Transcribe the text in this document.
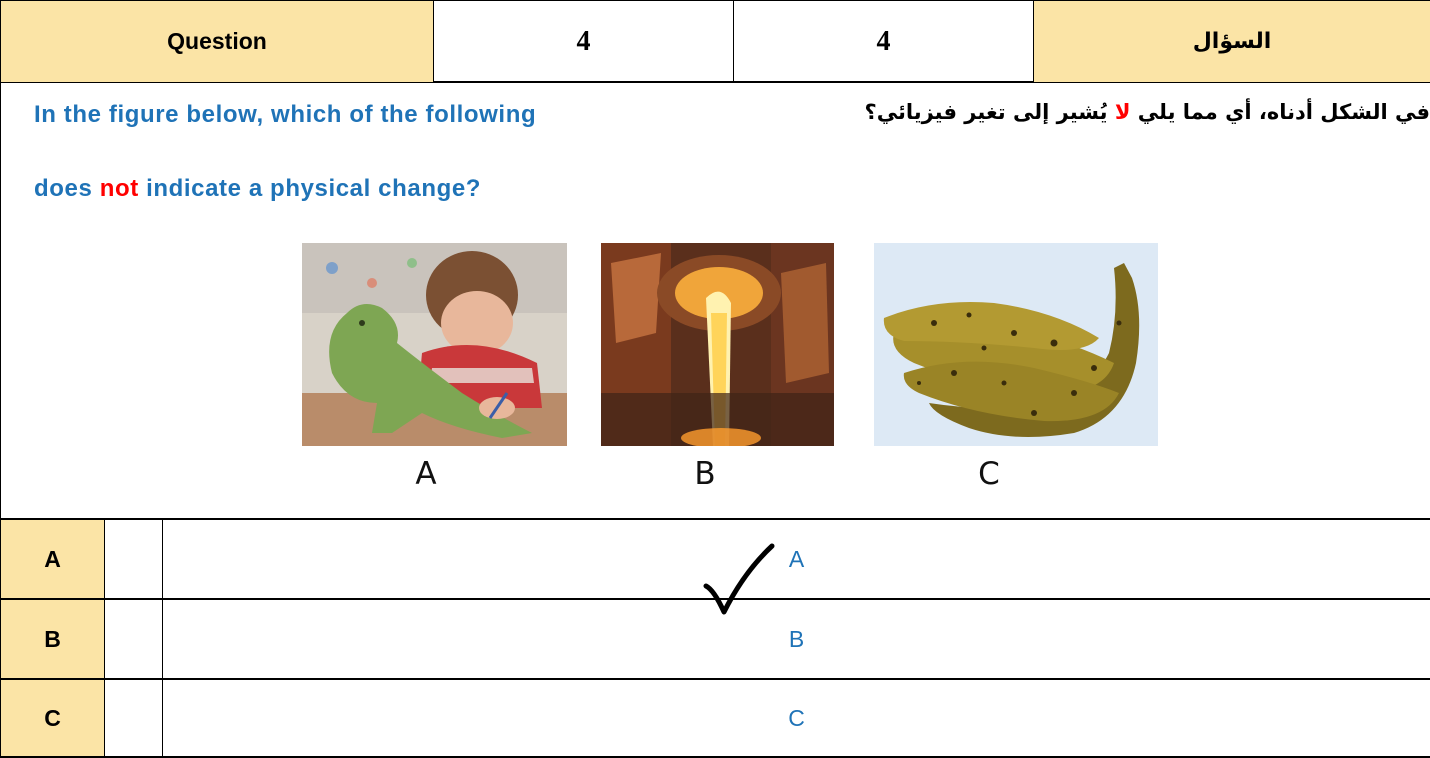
Question	4	4	السؤال
In the figure below, which of the following
does not indicate a physical change?
في الشكل أدناه، أي مما يلي لا يُشير إلى تغير فيزيائي؟
A	B	C
A	A
B	B
C	C
